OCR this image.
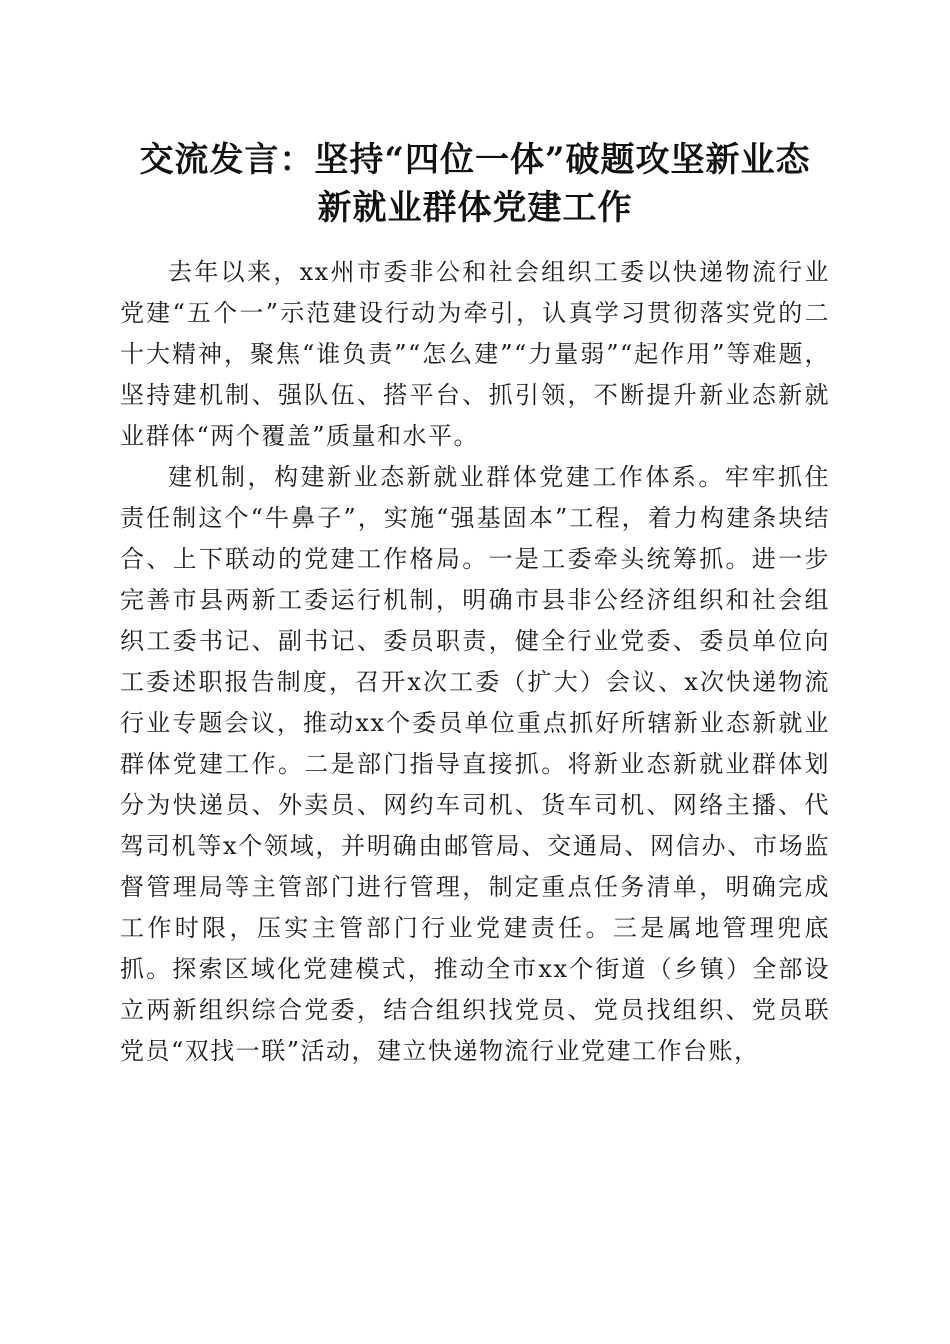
交流发言：坚持“四位一体”破题攻坚新业态
新就业群体党建工作

去年以来，xx州市委非公和社会组织工委以快递物流行业党建“五个一”示范建设行动为牵引，认真学习贯彻落实党的二十大精神，聚焦“谁负责”“怎么建”“力量弱”“起作用”等难题，坚持建机制、强队伍、搭平台、抓引领，不断提升新业态新就业群体“两个覆盖”质量和水平。

建机制，构建新业态新就业群体党建工作体系。牢牢抓住责任制这个“牛鼻子”，实施“强基固本”工程，着力构建条块结合、上下联动的党建工作格局。一是工委牵头统筹抓。进一步完善市县两新工委运行机制，明确市县非公经济组织和社会组织工委书记、副书记、委员职责，健全行业党委、委员单位向工委述职报告制度，召开x次工委（扩大）会议、x次快递物流行业专题会议，推动xx个委员单位重点抓好所辖新业态新就业群体党建工作。二是部门指导直接抓。将新业态新就业群体划分为快递员、外卖员、网约车司机、货车司机、网络主播、代驾司机等x个领域，并明确由邮管局、交通局、网信办、市场监督管理局等主管部门进行管理，制定重点任务清单，明确完成工作时限，压实主管部门行业党建责任。三是属地管理兜底抓。探索区域化党建模式，推动全市xx个街道（乡镇）全部设立两新组织综合党委，结合组织找党员、党员找组织、党员联党员“双找一联”活动，建立快递物流行业党建工作台账，
